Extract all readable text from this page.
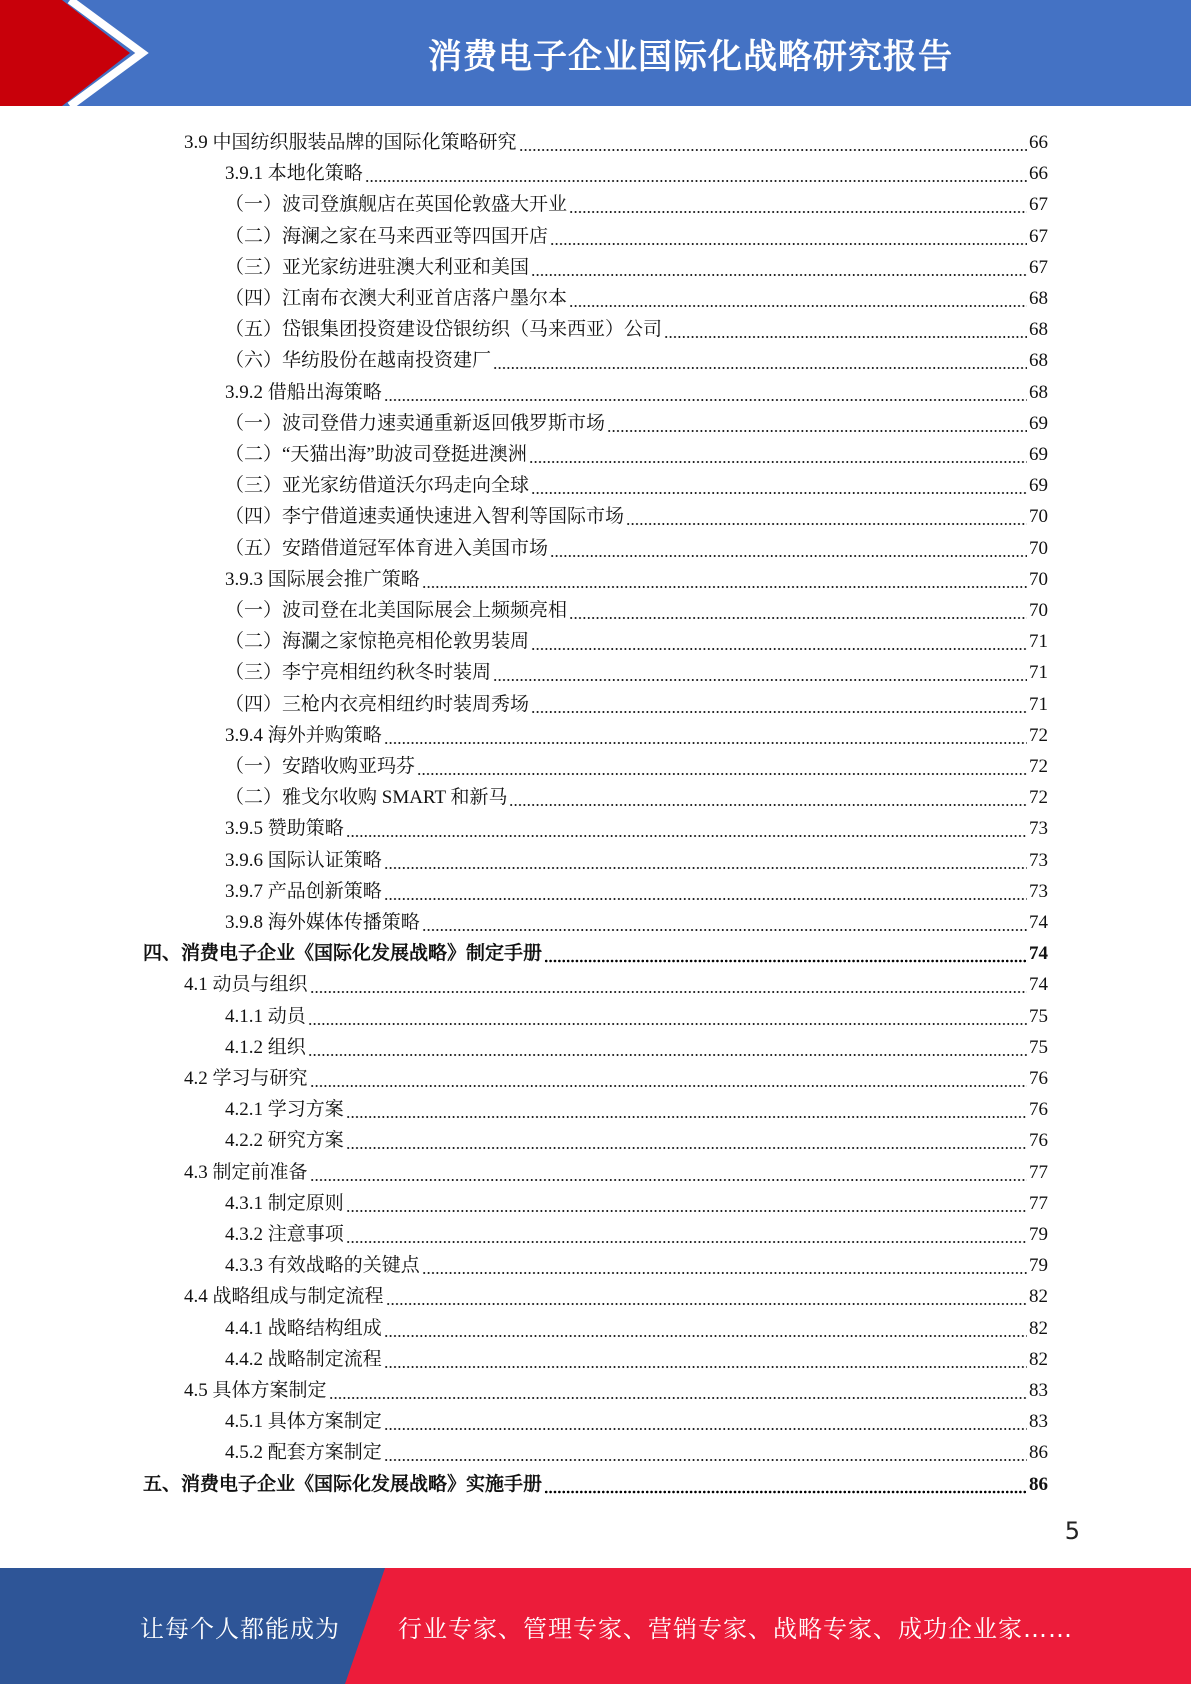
消费电子企业国际化战略研究报告
3.9 中国纺织服装品牌的国际化策略研究	66
3.9.1 本地化策略	66
（一）波司登旗舰店在英国伦敦盛大开业	67
（二）海澜之家在马来西亚等四国开店	67
（三）亚光家纺进驻澳大利亚和美国	67
（四）江南布衣澳大利亚首店落户墨尔本	68
（五）岱银集团投资建设岱银纺织（马来西亚）公司	68
（六）华纺股份在越南投资建厂	68
3.9.2 借船出海策略	68
（一）波司登借力速卖通重新返回俄罗斯市场	69
（二）“天猫出海”助波司登挺进澳洲	69
（三）亚光家纺借道沃尔玛走向全球	69
（四）李宁借道速卖通快速进入智利等国际市场	70
（五）安踏借道冠军体育进入美国市场	70
3.9.3 国际展会推广策略	70
（一）波司登在北美国际展会上频频亮相	70
（二）海瀾之家惊艳亮相伦敦男装周	71
（三）李宁亮相纽约秋冬时装周	71
（四）三枪内衣亮相纽约时装周秀场	71
3.9.4 海外并购策略	72
（一）安踏收购亚玛芬	72
（二）雅戈尔收购 SMART 和新马	72
3.9.5 赞助策略	73
3.9.6 国际认证策略	73
3.9.7 产品创新策略	73
3.9.8 海外媒体传播策略	74
四、消费电子企业《国际化发展战略》制定手册	74
4.1 动员与组织	74
4.1.1 动员	75
4.1.2 组织	75
4.2 学习与研究	76
4.2.1 学习方案	76
4.2.2 研究方案	76
4.3 制定前准备	77
4.3.1 制定原则	77
4.3.2 注意事项	79
4.3.3 有效战略的关键点	79
4.4 战略组成与制定流程	82
4.4.1 战略结构组成	82
4.4.2 战略制定流程	82
4.5 具体方案制定	83
4.5.1 具体方案制定	83
4.5.2 配套方案制定	86
五、消费电子企业《国际化发展战略》实施手册	86
5
让每个人都能成为 行业专家、管理专家、营销专家、战略专家、成功企业家……
